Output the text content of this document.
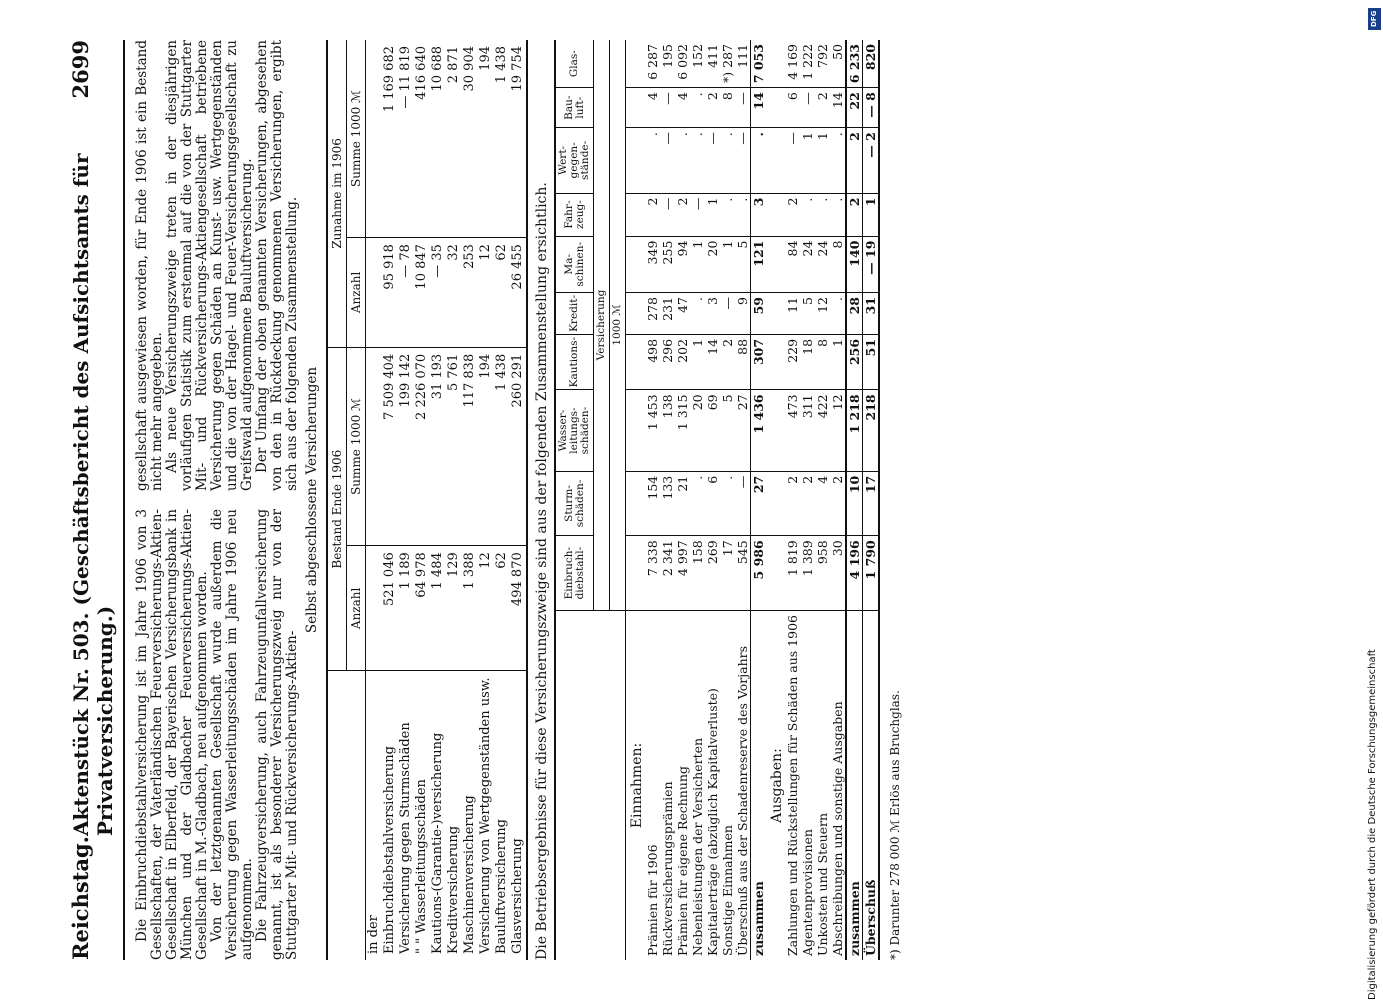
Reichstag.
Aktenstück Nr. 503. (Geschäftsbericht des Aufsichtsamts für Privatversicherung.)
2699

Die Einbruchdiebstahlversicherung ist im Jahre 1906 von 3 Gesellschaften, der Vaterländischen Feuerversicherungs-Aktien-Gesellschaft in Elberfeld, der Bayerischen Versicherungsbank in München und der Gladbacher Feuerversicherungs-Aktien-Gesellschaft in M.-Gladbach, neu aufgenommen worden. Von der letztgenannten Gesellschaft wurde außerdem die Versicherung gegen Wasserleitungsschäden im Jahre 1906 neu aufgenommen. Die Fahrzeugversicherung, auch Fahrzeugunfallversicherung genannt, ist als besonderer Versicherungszweig nur von der Stuttgarter Mit- und Rückversicherungs-Aktien-

gesellschaft ausgewiesen worden, für Ende 1906 ist ein Bestand nicht mehr angegeben. Als neue Versicherungszweige treten in der diesjährigen vorläufigen Statistik zum erstenmal auf die von der Stuttgarter Mit- und Rückversicherungs-Aktiengesellschaft betriebene Versicherung gegen Schäden an Kunst- usw. Wertgegenständen und die von der Hagel- und Feuer-Versicherungsgesellschaft zu Greifswald aufgenommene Bauluftversicherung. Der Umfang der oben genannten Versicherungen, abgesehen von den in Rückdeckung genommenen Versicherungen, ergibt sich aus der folgenden Zusammenstellung.

Selbst abgeschlossene Versicherungen
	Bestand Ende 1906		Zunahme im 1906	
	Anzahl	Summe 1000 ℳ	Anzahl	Summe 1000 ℳ
in der				
Einbruchdiebstahlversicherung	521 046	7 509 404	95 918	1 169 682
Versicherung gegen Sturmschäden	1 189	199 142	— 78	— 11 819
" " Wasserleitungsschäden	64 978	2 226 070	10 847	416 640
Kautions-(Garantie-)versicherung	1 484	31 193	— 35	10 688
Kreditversicherung	129	5 761	32	2 871
Maschinenversicherung	1 388	117 838	253	30 904
Versicherung von Wertgegenständen usw.	12	194	12	194
Bauluftversicherung	62	1 438	62	1 438
Glasversicherung	494 870	260 291	26 455	19 754
Die Betriebsergebnisse für diese Versicherungszweige sind aus der folgenden Zusammenstellung ersichtlich.
	Einbruch-diebstahl-	Sturm-schäden-	Wasser-leitungs-schäden-	Kautions-	Kredit-	Ma-schinen-	Fahr-zeug-	Wert-gegen-stände-	Bau-luft-	Glas-
	Versicherung									
	1000 ℳ									
Einnahmen:										
Prämien für 1906	7 338	154	1 453	498	278	349	2	.	4	6 287
Rückversicherungsprämien	2 341	133	138	296	231	255	—	—	—	195
Prämien für eigene Rechnung	4 997	21	1 315	202	47	94	2	.	4	6 092
Nebenleistungen der Versicherten	158	.	20	1	.	1	—	.	.	152
Kapitalerträge (abzüglich Kapitalverluste)	269	6	69	14	3	20	1	—	2	411
Sonstige Einnahmen	17	.	5	2	—	1	.	.	8	*) 287
Überschuß aus der Schadenreserve des Vorjahrs	545	—	27	88	9	5	.	—	—	111
zusammen	5 986	27	1 436	307	59	121	3	.	14	7 053
Ausgaben:										
Zahlungen und Rückstellungen für Schäden aus 1906	1 819	2	473	229	11	84	2	—	6	4 169
Agentenprovisionen	1 389	2	311	18	5	24	.	1	—	1 222
Unkosten und Steuern	958	4	422	8	12	24	.	1	2	792
Abschreibungen und sonstige Ausgaben	30	2	12	1	.	8	.	.	14	50
zusammen	4 196	10	1 218	256	28	140	2	2	22	6 233
Überschuß	1 790	17	218	51	31	— 19	1	— 2	— 8	820
*) Darunter 278 000 ℳ Erlös aus Bruchglas.	Digitalisierung gefördert durch die Deutsche Forschungsgemeinschaft
DFG
